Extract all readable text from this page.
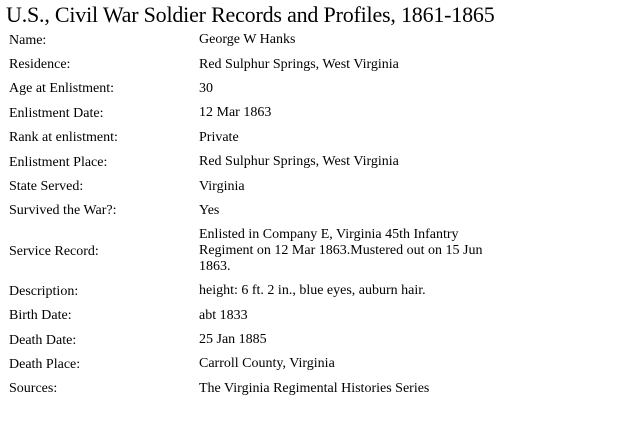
U.S., Civil War Soldier Records and Profiles, 1861-1865
Name:	George W Hanks
Residence:	Red Sulphur Springs, West Virginia
Age at Enlistment:	30
Enlistment Date:	12 Mar 1863
Rank at enlistment:	Private
Enlistment Place:	Red Sulphur Springs, West Virginia
State Served:	Virginia
Survived the War?:	Yes
Service Record:
Enlisted in Company E, Virginia 45th Infantry Regiment on 12 Mar 1863.Mustered out on 15 Jun 1863.
Description:	height: 6 ft. 2 in., blue eyes, auburn hair.
Birth Date:	abt 1833
Death Date:	25 Jan 1885
Death Place:	Carroll County, Virginia
Sources:	The Virginia Regimental Histories Series
